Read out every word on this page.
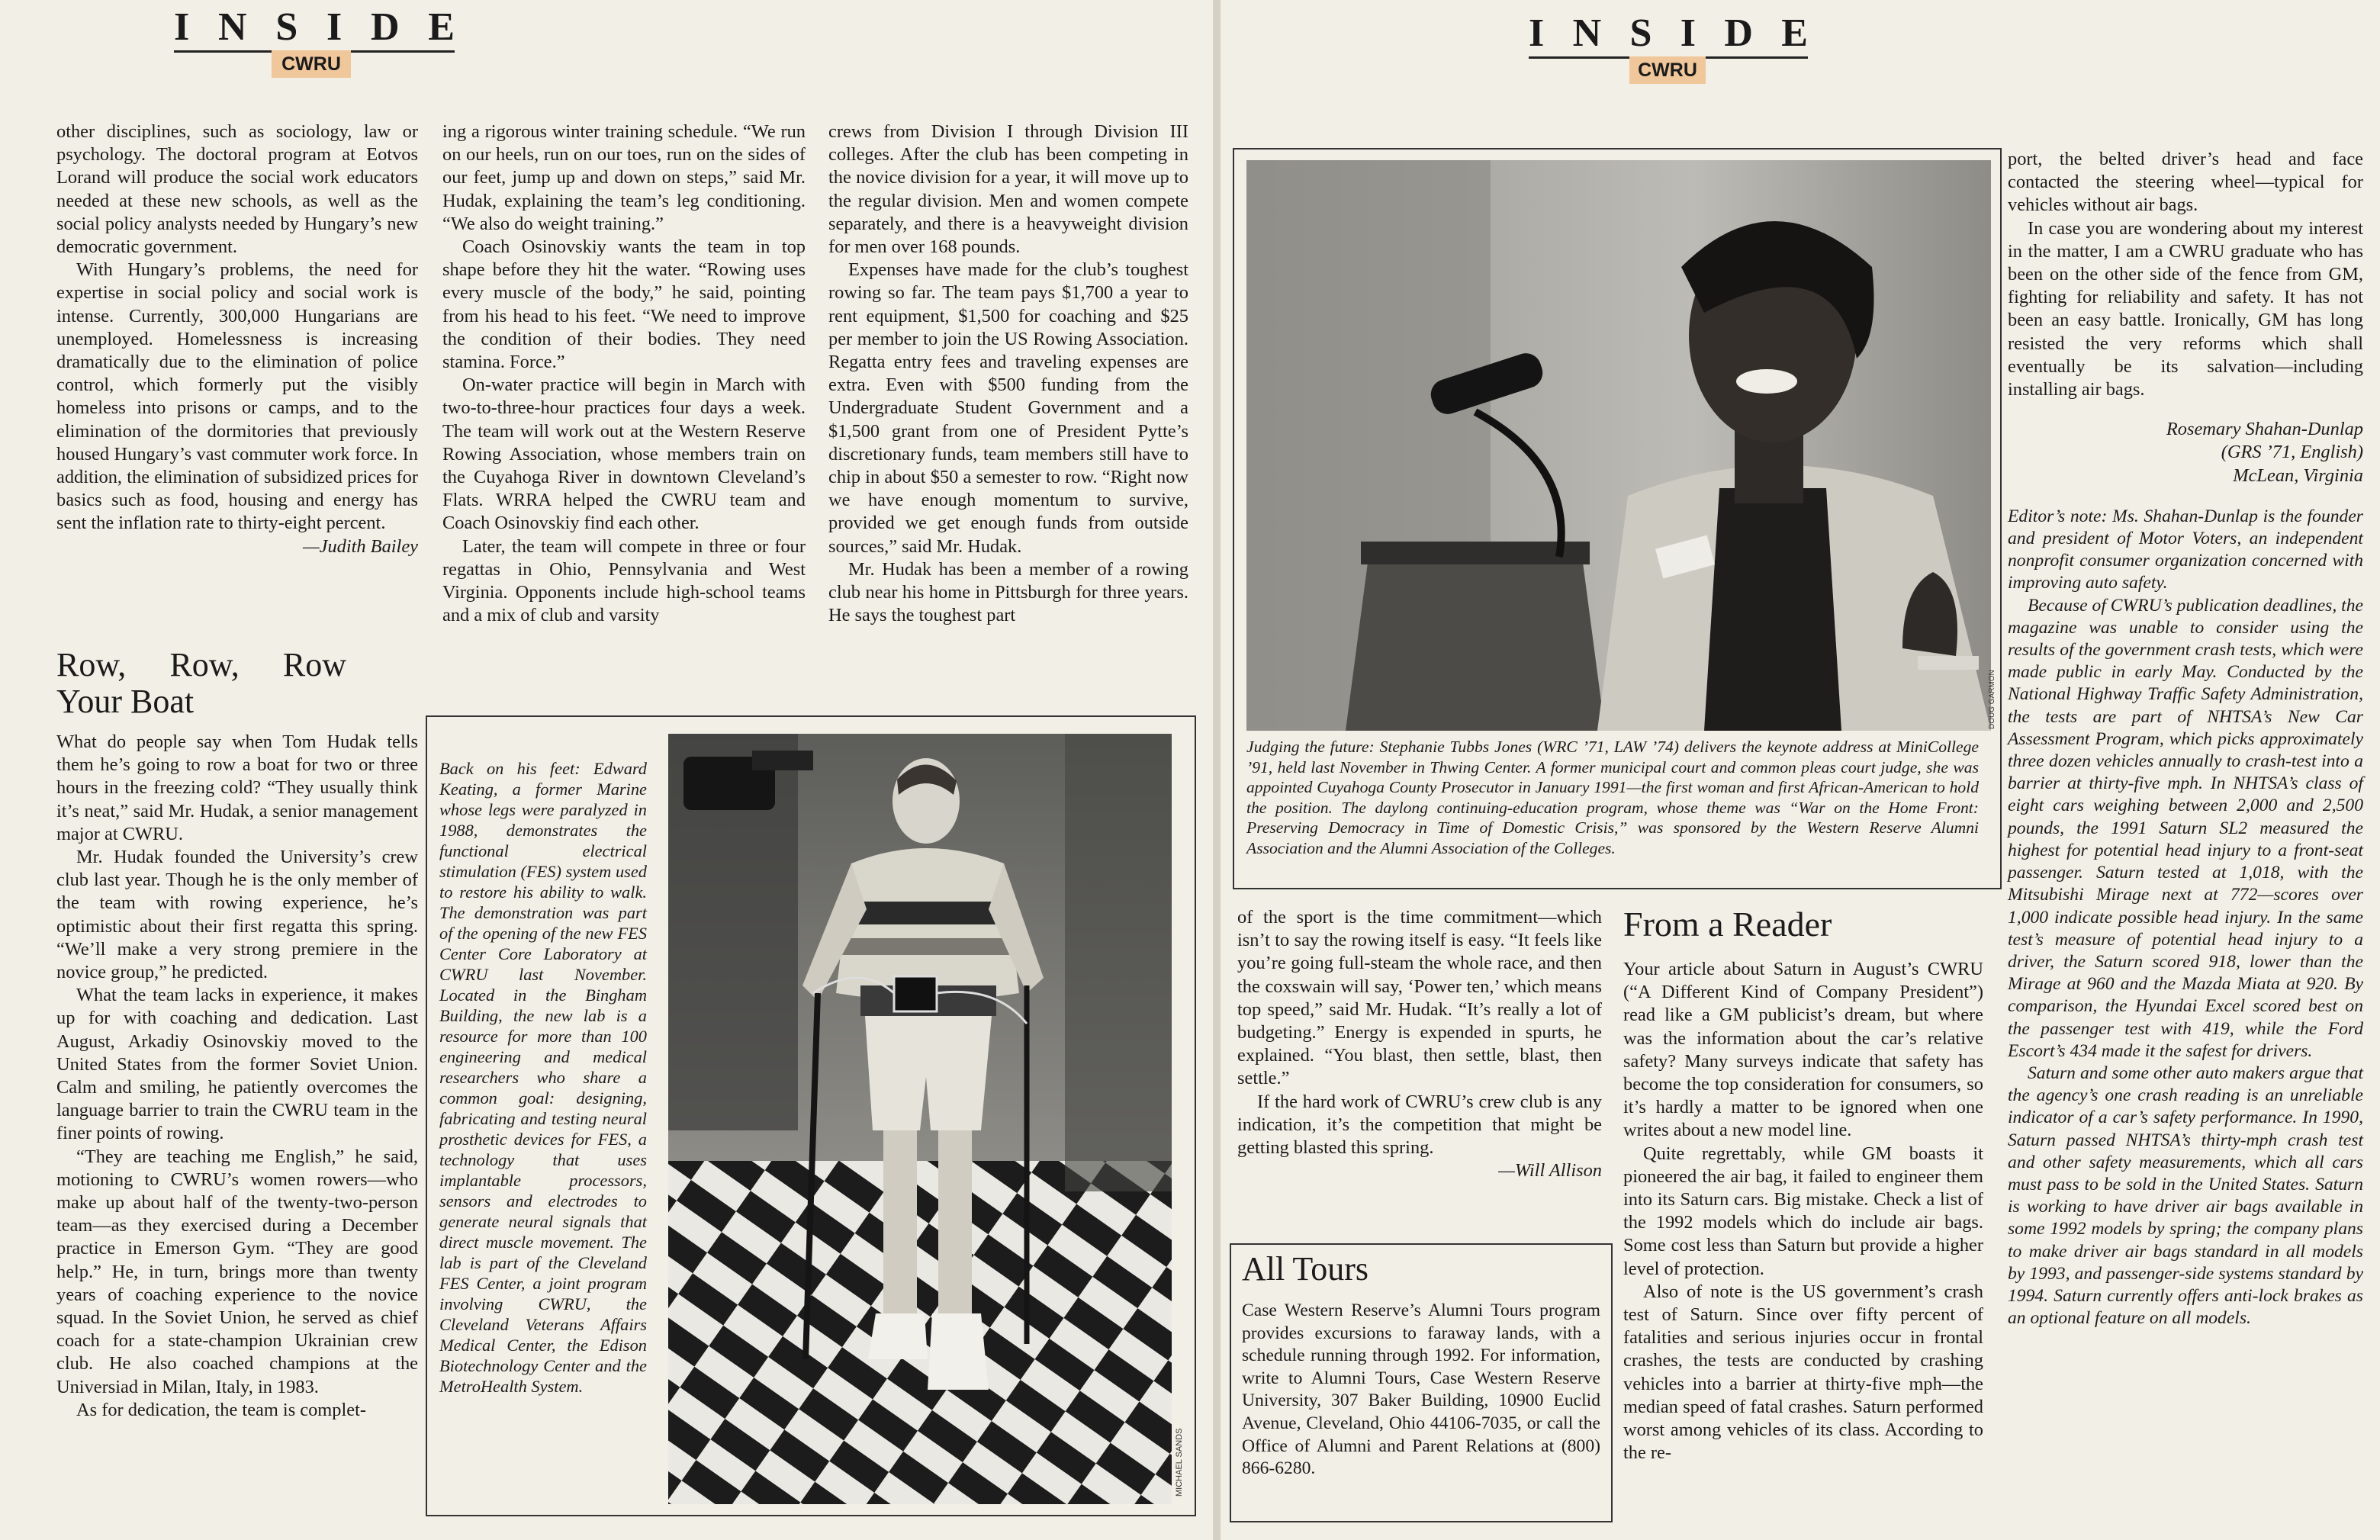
I N S I D E
CWRU

other disciplines, such as sociology, law or psychology. The doctoral program at Eotvos Lorand will produce the social work educators needed at these new schools, as well as the social policy analysts needed by Hungary’s new democratic government.

With Hungary’s problems, the need for expertise in social policy and social work is intense. Currently, 300,000 Hungarians are unemployed. Homelessness is increasing dramatically due to the elimination of police control, which formerly put the visibly homeless into prisons or camps, and to the elimination of the dormitories that previously housed Hungary’s vast commuter work force. In addition, the elimination of subsidized prices for basics such as food, housing and energy has sent the inflation rate to thirty-eight percent.

—Judith Bailey

Row, Row, Row Your Boat

What do people say when Tom Hudak tells them he’s going to row a boat for two or three hours in the freezing cold? “They usually think it’s neat,” said Mr. Hudak, a senior management major at CWRU.

Mr. Hudak founded the University’s crew club last year. Though he is the only member of the team with rowing experience, he’s optimistic about their first regatta this spring. “We’ll make a very strong premiere in the novice group,” he predicted.

What the team lacks in experience, it makes up for with coaching and dedication. Last August, Arkadiy Osinovskiy moved to the United States from the former Soviet Union. Calm and smiling, he patiently overcomes the language barrier to train the CWRU team in the finer points of rowing.

“They are teaching me English,” he said, motioning to CWRU’s women rowers—who make up about half of the twenty-two-person team—as they exercised during a December practice in Emerson Gym. “They are good help.” He, in turn, brings more than twenty years of coaching experience to the novice squad. In the Soviet Union, he served as chief coach for a state-champion Ukrainian crew club. He also coached champions at the Universiad in Milan, Italy, in 1983.

As for dedication, the team is complet-

ing a rigorous winter training schedule. “We run on our heels, run on our toes, run on the sides of our feet, jump up and down on steps,” said Mr. Hudak, explaining the team’s leg conditioning. “We also do weight training.”

Coach Osinovskiy wants the team in top shape before they hit the water. “Rowing uses every muscle of the body,” he said, pointing from his head to his feet. “We need to improve the condition of their bodies. They need stamina. Force.”

On-water practice will begin in March with two-to-three-hour practices four days a week. The team will work out at the Western Reserve Rowing Association, whose members train on the Cuyahoga River in downtown Cleveland’s Flats. WRRA helped the CWRU team and Coach Osinovskiy find each other.

Later, the team will compete in three or four regattas in Ohio, Pennsylvania and West Virginia. Opponents include high-school teams and a mix of club and varsity

crews from Division I through Division III colleges. After the club has been competing in the novice division for a year, it will move up to the regular division. Men and women compete separately, and there is a heavyweight division for men over 168 pounds.

Expenses have made for the club’s toughest rowing so far. The team pays $1,700 a year to rent equipment, $1,500 for coaching and $25 per member to join the US Rowing Association. Regatta entry fees and traveling expenses are extra. Even with $500 funding from the Undergraduate Student Government and a $1,500 grant from one of President Pytte’s discretionary funds, team members still have to chip in about $50 a semester to row. “Right now we have enough momentum to survive, provided we get enough funds from outside sources,” said Mr. Hudak.

Mr. Hudak has been a member of a rowing club near his home in Pittsburgh for three years. He says the toughest part

Back on his feet: Edward Keating, a former Marine whose legs were paralyzed in 1988, demonstrates the functional electrical stimulation (FES) system used to restore his ability to walk. The demonstration was part of the opening of the new FES Center Core Laboratory at CWRU last November. Located in the Bingham Building, the new lab is a resource for more than 100 engineering and medical researchers who share a common goal: designing, fabricating and testing neural prosthetic devices for FES, a technology that uses implantable processors, sensors and electrodes to generate neural signals that direct muscle movement. The lab is part of the Cleveland FES Center, a joint program involving CWRU, the Cleveland Veterans Affairs Medical Center, the Edison Biotechnology Center and the MetroHealth System.
MICHAEL SANDS
I N S I D E
CWRU
DOUG GARMON
Judging the future: Stephanie Tubbs Jones (WRC ’71, LAW ’74) delivers the keynote address at MiniCollege ’91, held last November in Thwing Center. A former municipal court and common pleas court judge, she was appointed Cuyahoga County Prosecutor in January 1991—the first woman and first African-American to hold the position. The daylong continuing-education program, whose theme was “War on the Home Front: Preserving Democracy in Time of Domestic Crisis,” was sponsored by the Western Reserve Alumni Association and the Alumni Association of the Colleges.

of the sport is the time commitment—which isn’t to say the rowing itself is easy. “It feels like you’re going full-steam the whole race, and then the coxswain will say, ‘Power ten,’ which means top speed,” said Mr. Hudak. “It’s really a lot of budgeting.” Energy is expended in spurts, he explained. “You blast, then settle, blast, then settle.”

If the hard work of CWRU’s crew club is any indication, it’s the competition that might be getting blasted this spring.

—Will Allison

All Tours
Case Western Reserve’s Alumni Tours program provides excursions to faraway lands, with a schedule running through 1992. For information, write to Alumni Tours, Case Western Reserve University, 307 Baker Building, 10900 Euclid Avenue, Cleveland, Ohio 44106-7035, or call the Office of Alumni and Parent Relations at (800) 866-6280.
From a Reader

Your article about Saturn in August’s CWRU (“A Different Kind of Company President”) read like a GM publicist’s dream, but where was the information about the car’s relative safety? Many surveys indicate that safety has become the top consideration for consumers, so it’s hardly a matter to be ignored when one writes about a new model line.

Quite regrettably, while GM boasts it pioneered the air bag, it failed to engineer them into its Saturn cars. Big mistake. Check a list of the 1992 models which do include air bags. Some cost less than Saturn but provide a higher level of protection.

Also of note is the US government’s crash test of Saturn. Since over fifty percent of fatalities and serious injuries occur in frontal crashes, the tests are conducted by crashing vehicles into a barrier at thirty-five mph—the median speed of fatal crashes. Saturn performed worst among vehicles of its class. According to the re-

port, the belted driver’s head and face contacted the steering wheel—typical for vehicles without air bags.

In case you are wondering about my interest in the matter, I am a CWRU graduate who has been on the other side of the fence from GM, fighting for reliability and safety. It has not been an easy battle. Ironically, GM has long resisted the very reforms which shall eventually be its salvation—including installing air bags.

Rosemary Shahan-Dunlap
(GRS ’71, English)
McLean, Virginia

Editor’s note: Ms. Shahan-Dunlap is the founder and president of Motor Voters, an independent nonprofit consumer organization concerned with improving auto safety.

Because of CWRU’s publication deadlines, the magazine was unable to consider using the results of the government crash tests, which were made public in early May. Conducted by the National Highway Traffic Safety Administration, the tests are part of NHTSA’s New Car Assessment Program, which picks approximately three dozen vehicles annually to crash-test into a barrier at thirty-five mph. In NHTSA’s class of eight cars weighing between 2,000 and 2,500 pounds, the 1991 Saturn SL2 measured the highest for potential head injury to a front-seat passenger. Saturn tested at 1,018, with the Mitsubishi Mirage next at 772—scores over 1,000 indicate possible head injury. In the same test’s measure of potential head injury to a driver, the Saturn scored 918, lower than the Mirage at 960 and the Mazda Miata at 920. By comparison, the Hyundai Excel scored best on the passenger test with 419, while the Ford Escort’s 434 made it the safest for drivers.

Saturn and some other auto makers argue that the agency’s one crash reading is an unreliable indicator of a car’s safety performance. In 1990, Saturn passed NHTSA’s thirty-mph crash test and other safety measurements, which all cars must pass to be sold in the United States. Saturn is working to have driver air bags available in some 1992 models by spring; the company plans to make driver air bags standard in all models by 1993, and passenger-side systems standard by 1994. Saturn currently offers anti-lock brakes as an optional feature on all models.
